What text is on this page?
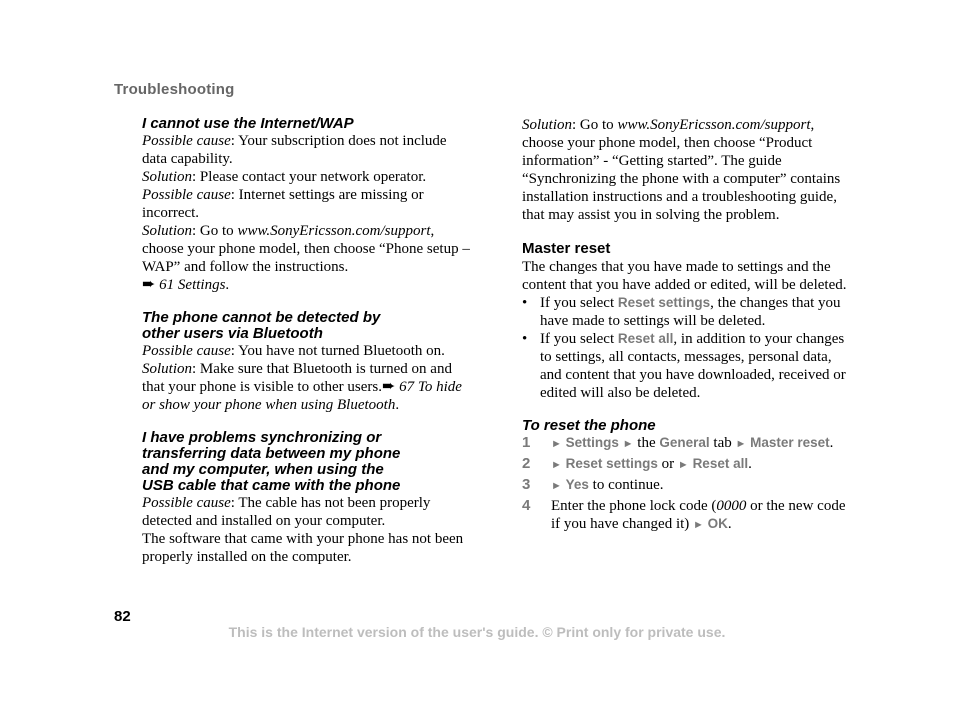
Troubleshooting
I cannot use the Internet/WAP

Possible cause: Your subscription does not include data capability.

Solution: Please contact your network operator.

Possible cause: Internet settings are missing or incorrect.

Solution: Go to www.SonyEricsson.com/support, choose your phone model, then choose “Phone setup – WAP” and follow the instructions.

➨ 61 Settings.

The phone cannot be detected by
other users via Bluetooth

Possible cause: You have not turned Bluetooth on.

Solution: Make sure that Bluetooth is turned on and that your phone is visible to other users.➨ 67 To hide or show your phone when using Bluetooth.

I have problems synchronizing or
transferring data between my phone
and my computer, when using the
USB cable that came with the phone

Possible cause: The cable has not been properly detected and installed on your computer.

The software that came with your phone has not been properly installed on the computer.

Solution: Go to www.SonyEricsson.com/support, choose your phone model, then choose “Product information” - “Getting started”. The guide “Synchronizing the phone with a computer” contains installation instructions and a troubleshooting guide, that may assist you in solving the problem.

Master reset

The changes that you have made to settings and the content that you have added or edited, will be deleted.

• If you select Reset settings, the changes that you have made to settings will be deleted.
• If you select Reset all, in addition to your changes to settings, all contacts, messages, personal data, and content that you have downloaded, received or edited will also be deleted.
To reset the phone
1 ► Settings ► the General tab ► Master reset.
2 ► Reset settings or ► Reset all.
3 ► Yes to continue.
4 Enter the phone lock code (0000 or the new code if you have changed it) ► OK.
82
This is the Internet version of the user's guide. © Print only for private use.
